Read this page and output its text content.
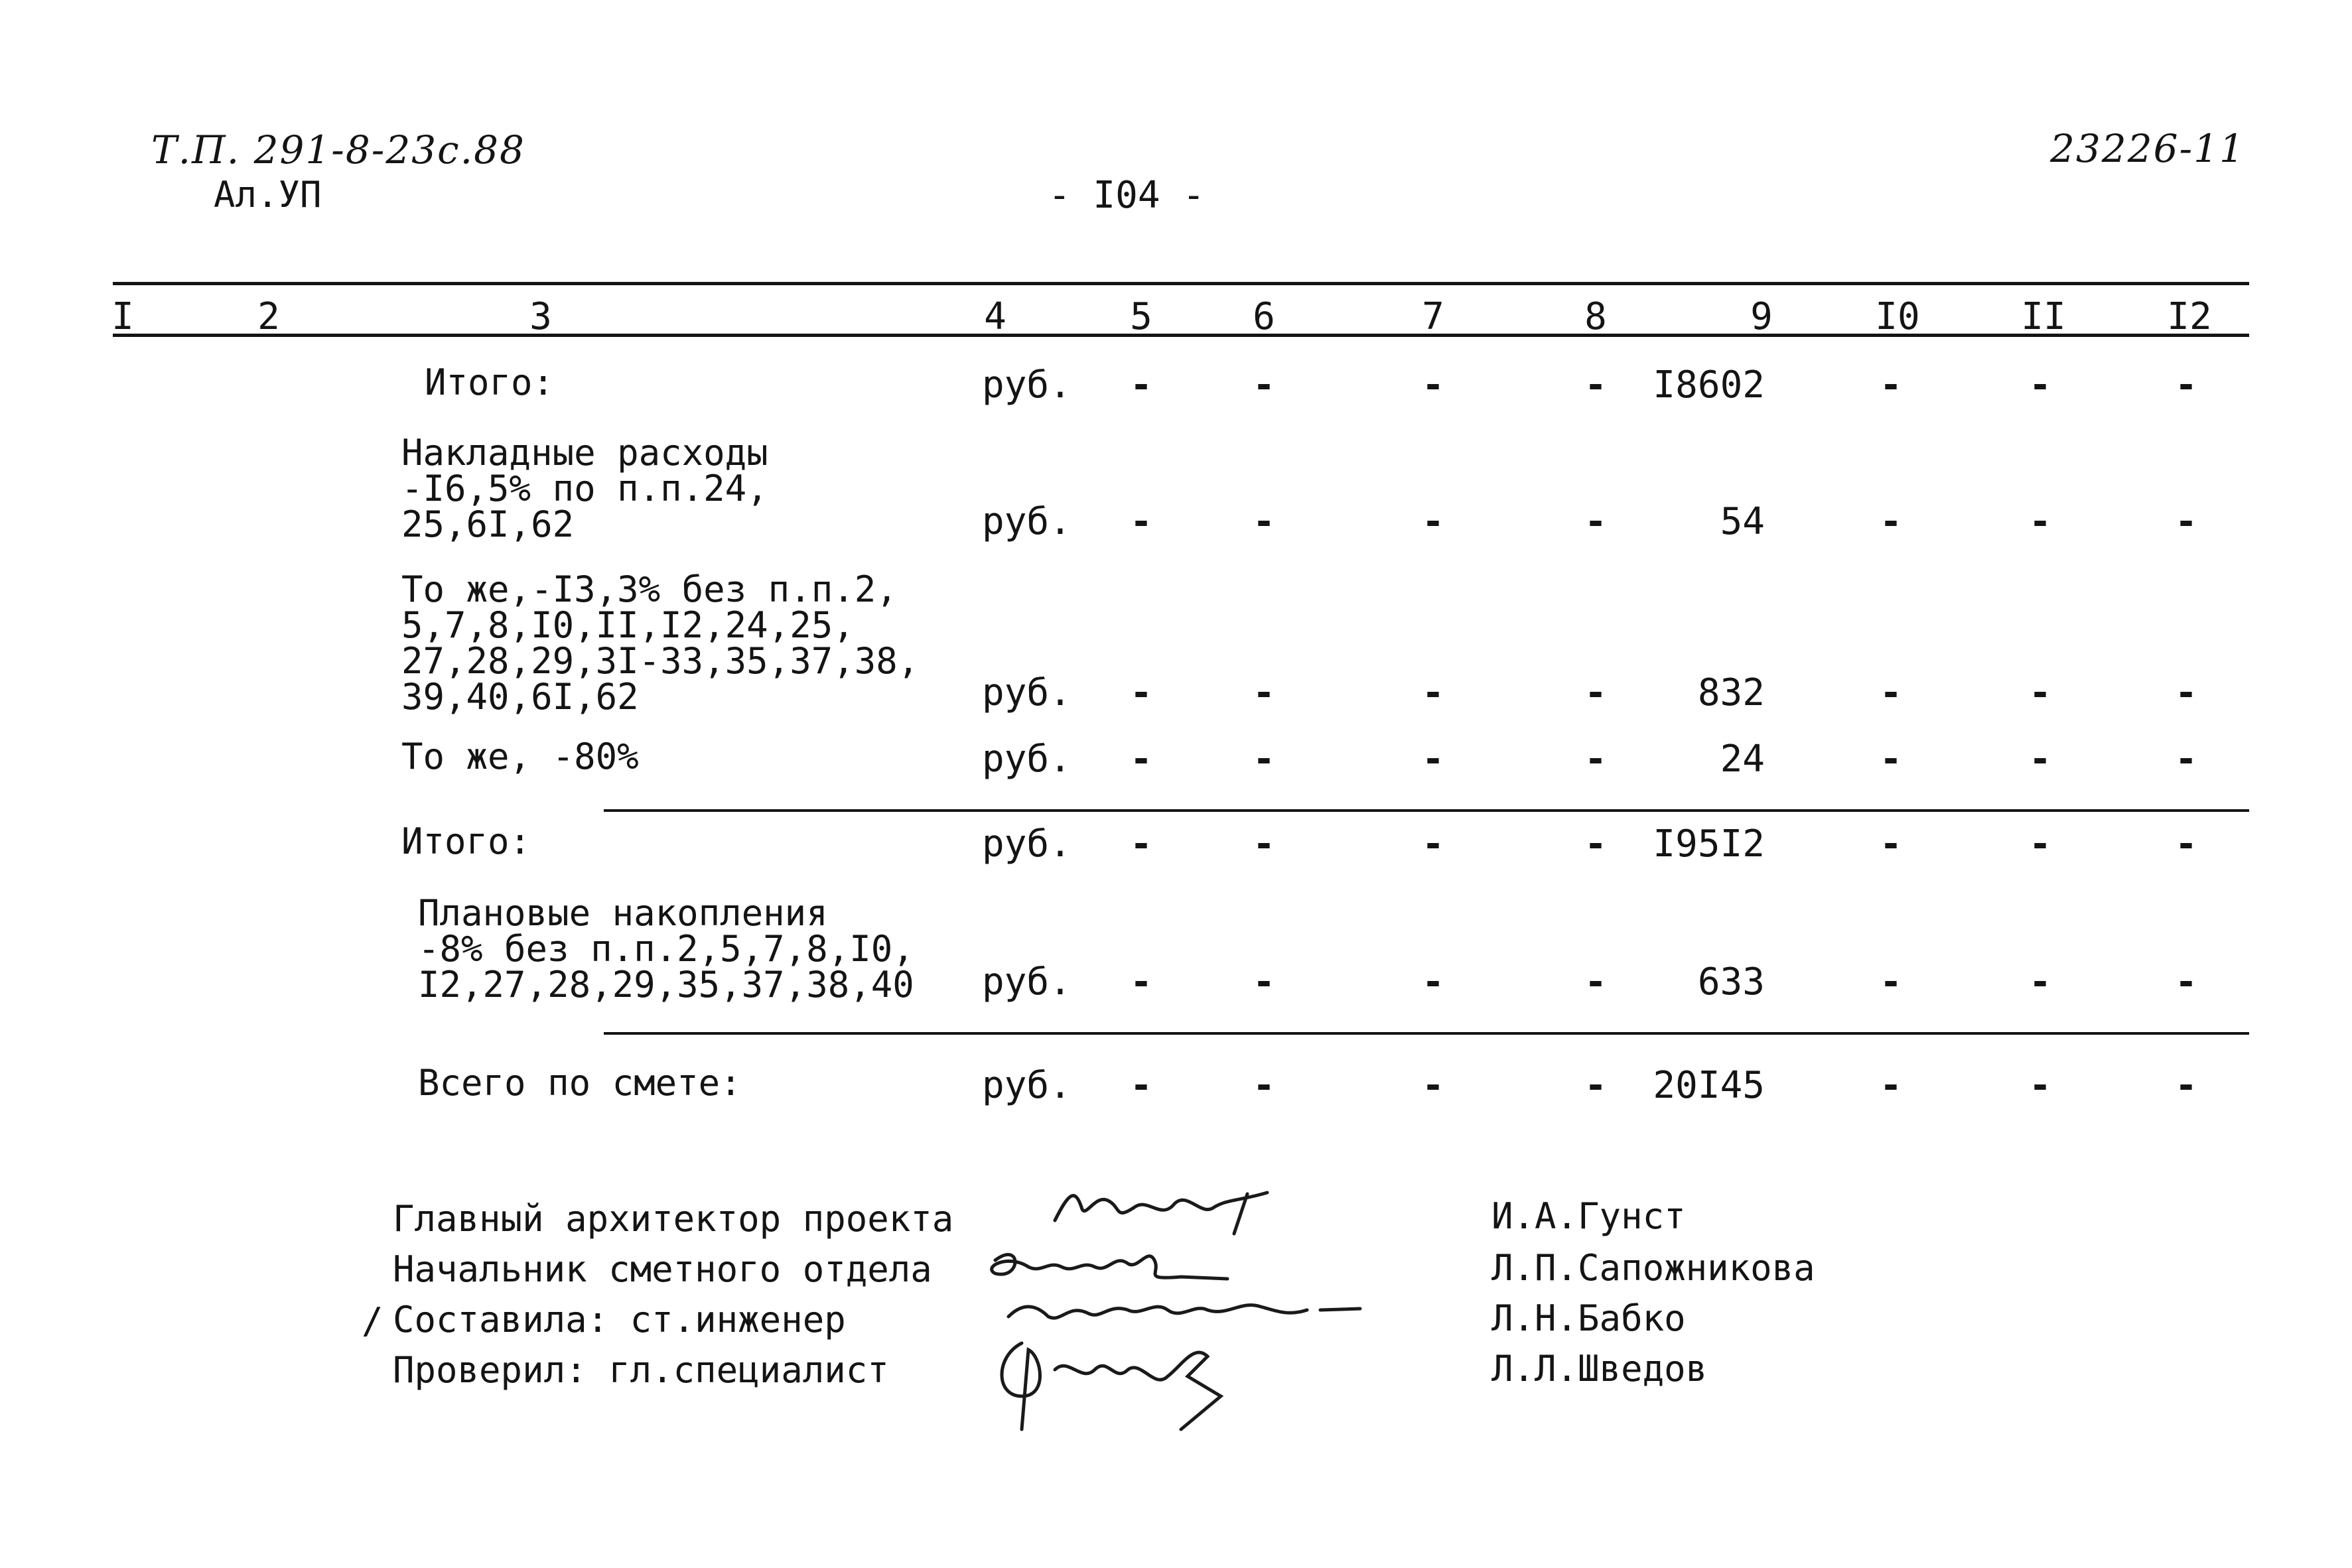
Т.П. 291-8-23с.88
Ал.УП	- I04 -
23226-11
I	2	3	4	5	6	7	8	9	I0	II	I2
Итого:	руб. -	-	-	-	I8602	-	-	-
Накладные расходы
-I6,5% по п.п.24,
25,6I,62	руб. -	-	-	-	54	-	-	-
То же,-I3,3% без п.п.2,
5,7,8,I0,II,I2,24,25,
27,28,29,3I-33,35,37,38,
39,40,6I,62	руб. -	-	-	-	832	-	-	-
То же, -80%	руб. -	-	-	-	24	-	-	-
Итого:	руб. -	-	-	-	I95I2	-	-	-
Плановые накопления
-8% без п.п.2,5,7,8,I0,
I2,27,28,29,35,37,38,40 руб. -	-	-	-	633	-	-	-
Всего по смете:	руб. -	-	-	-	20I45	-	-	-
Главный архитектор проекта
Начальник сметного отдела
/ Составила: ст.инженер
Проверил: гл.специалист
И.А.Гунст
Л.П.Сапожникова
Л.Н.Бабко
Л.Л.Шведов
